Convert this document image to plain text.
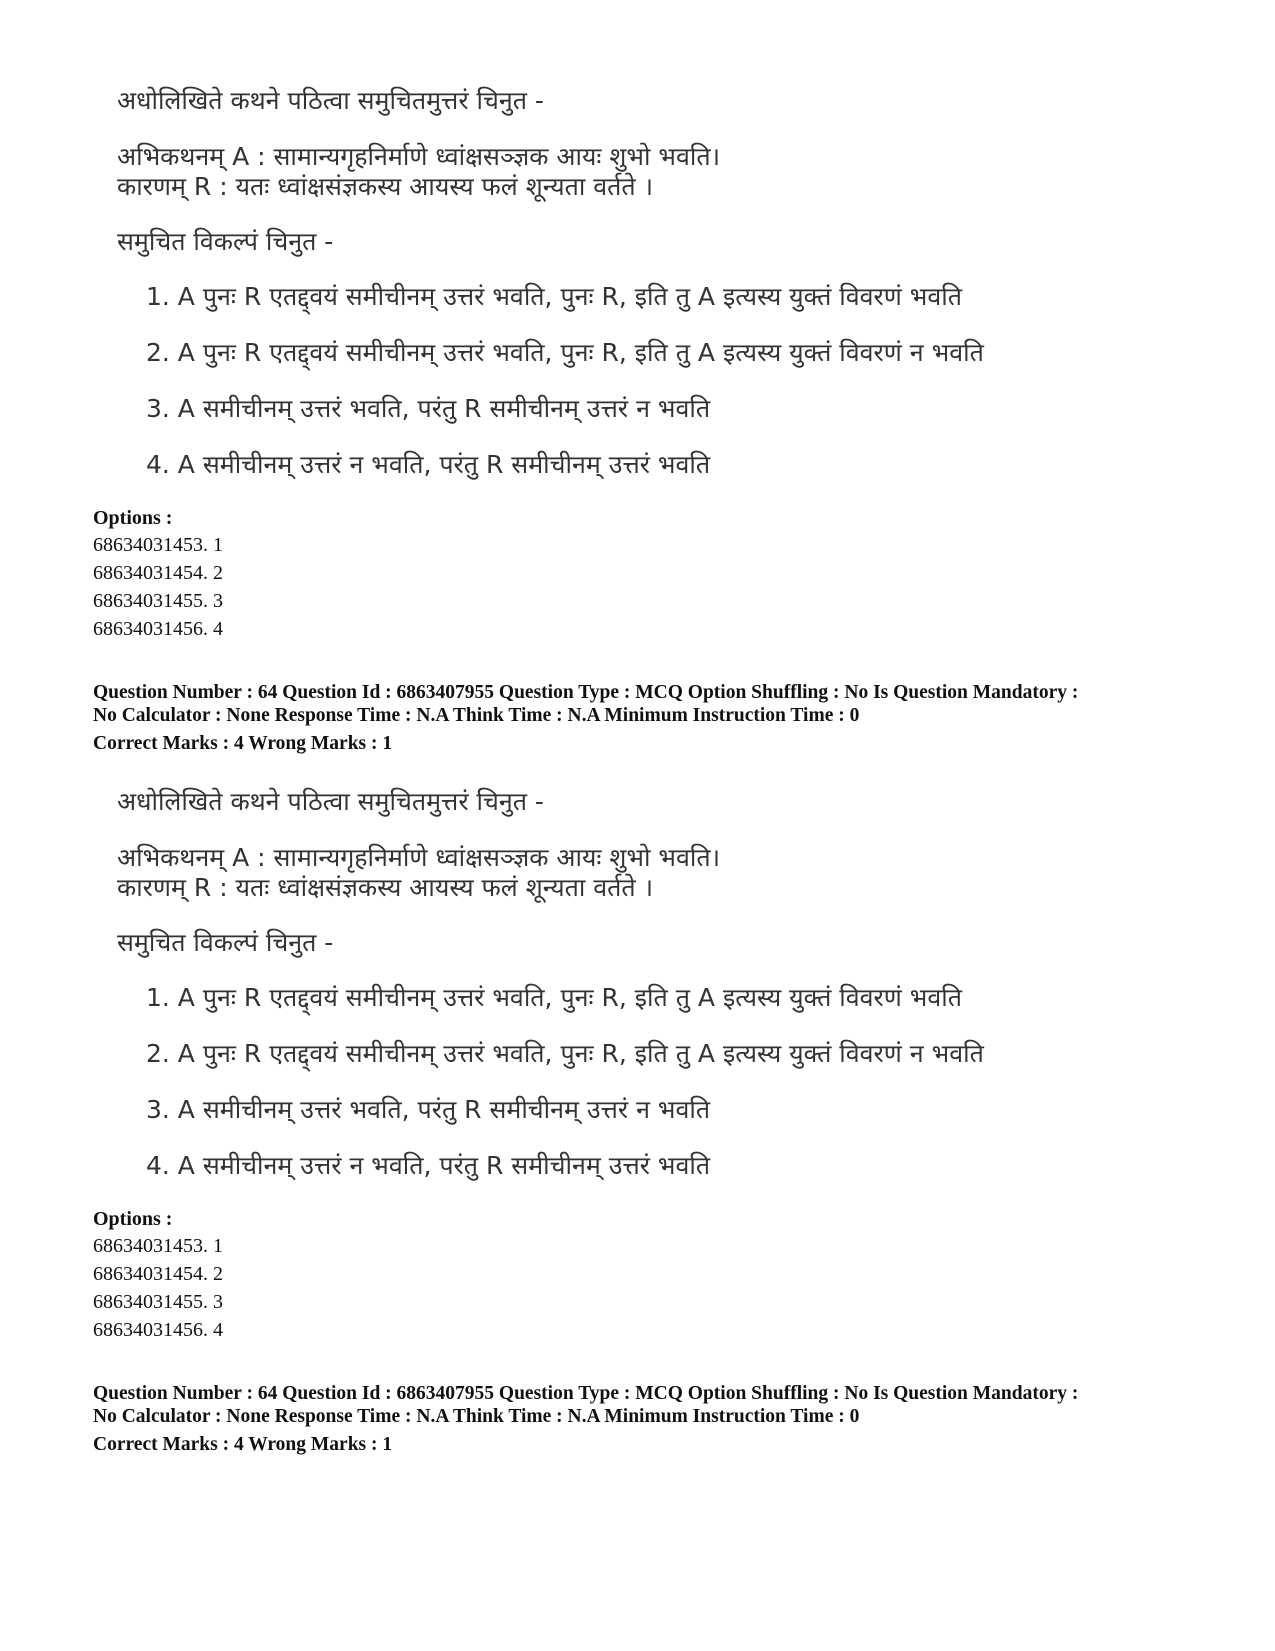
अधोलिखिते कथने पठित्वा समुचितमुत्तरं चिनुत -
अभिकथनम् A : सामान्यगृहनिर्माणे ध्वांक्षसञ्ज्ञक आयः शुभो भवति।
कारणम् R : यतः ध्वांक्षसंज्ञकस्य आयस्य फलं शून्यता वर्तते ।
समुचित विकल्पं चिनुत -
1. A पुनः R एतद्द्वयं समीचीनम् उत्तरं भवति, पुनः R, इति तु A इत्यस्य युक्तं विवरणं भवति
2. A पुनः R एतद्द्वयं समीचीनम् उत्तरं भवति, पुनः R, इति तु A इत्यस्य युक्तं विवरणं न भवति
3. A समीचीनम् उत्तरं भवति, परंतु R समीचीनम् उत्तरं न भवति
4. A समीचीनम् उत्तरं न भवति, परंतु R समीचीनम् उत्तरं भवति
Options :
68634031453. 1
68634031454. 2
68634031455. 3
68634031456. 4
Question Number : 64 Question Id : 6863407955 Question Type : MCQ Option Shuffling : No Is Question Mandatory :
No Calculator : None Response Time : N.A Think Time : N.A Minimum Instruction Time : 0
Correct Marks : 4 Wrong Marks : 1
अधोलिखिते कथने पठित्वा समुचितमुत्तरं चिनुत -
अभिकथनम् A : सामान्यगृहनिर्माणे ध्वांक्षसञ्ज्ञक आयः शुभो भवति।
कारणम् R : यतः ध्वांक्षसंज्ञकस्य आयस्य फलं शून्यता वर्तते ।
समुचित विकल्पं चिनुत -
1. A पुनः R एतद्द्वयं समीचीनम् उत्तरं भवति, पुनः R, इति तु A इत्यस्य युक्तं विवरणं भवति
2. A पुनः R एतद्द्वयं समीचीनम् उत्तरं भवति, पुनः R, इति तु A इत्यस्य युक्तं विवरणं न भवति
3. A समीचीनम् उत्तरं भवति, परंतु R समीचीनम् उत्तरं न भवति
4. A समीचीनम् उत्तरं न भवति, परंतु R समीचीनम् उत्तरं भवति
Options :
68634031453. 1
68634031454. 2
68634031455. 3
68634031456. 4
Question Number : 64 Question Id : 6863407955 Question Type : MCQ Option Shuffling : No Is Question Mandatory :
No Calculator : None Response Time : N.A Think Time : N.A Minimum Instruction Time : 0
Correct Marks : 4 Wrong Marks : 1
